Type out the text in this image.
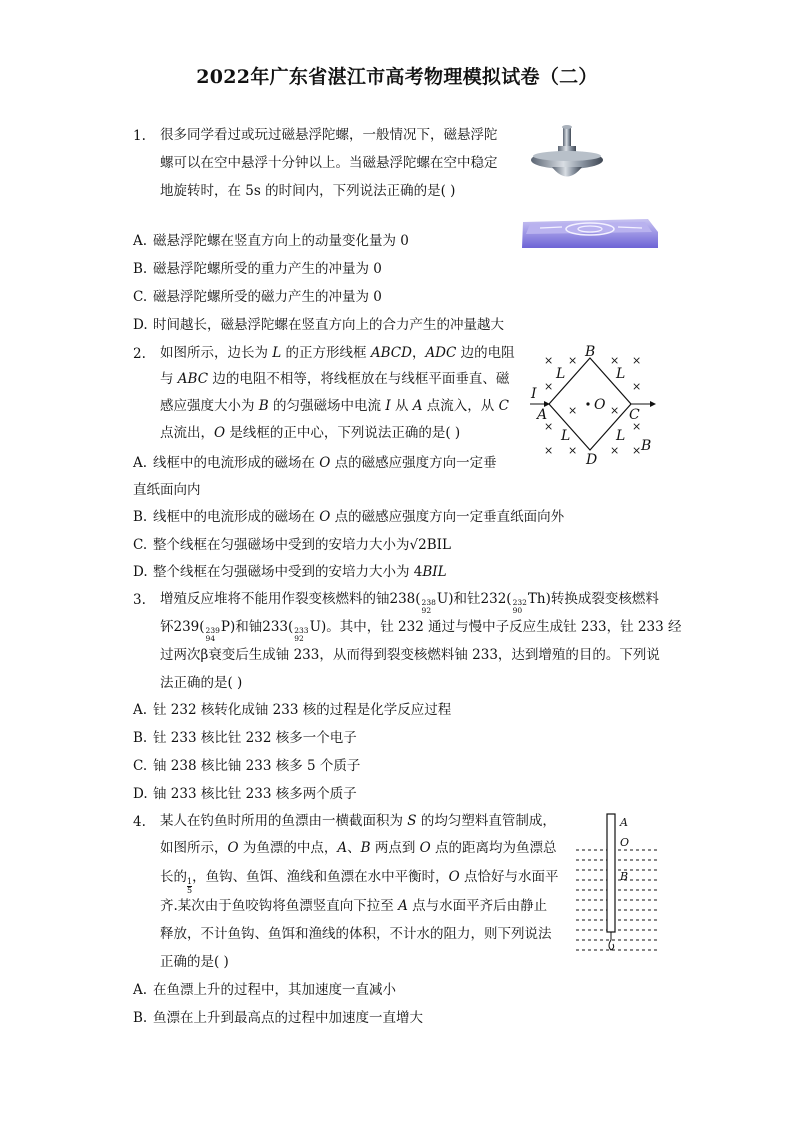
2022年广东省湛江市高考物理模拟试卷（二）
1. 很多同学看过或玩过磁悬浮陀螺，一般情况下，磁悬浮陀
螺可以在空中悬浮十分钟以上。当磁悬浮陀螺在空中稳定
地旋转时，在 5s 的时间内，下列说法正确的是( )
A. 磁悬浮陀螺在竖直方向上的动量变化量为 0
B. 磁悬浮陀螺所受的重力产生的冲量为 0
C. 磁悬浮陀螺所受的磁力产生的冲量为 0
D. 时间越长，磁悬浮陀螺在竖直方向上的合力产生的冲量越大
2. 如图所示，边长为 L 的正方形线框 ABCD，ADC 边的电阻
与 ABC 边的电阻不相等，将线框放在与线框平面垂直、磁
感应强度大小为 B 的匀强磁场中电流 I 从 A 点流入，从 C
点流出，O 是线框的正中心，下列说法正确的是( )
× ×	× ×
×	×
×	×
×	×
× ×	× ×
B
L	L
I
A
O
C
L	L
D
B
A. 线框中的电流形成的磁场在 O 点的磁感应强度方向一定垂
直纸面向内
B. 线框中的电流形成的磁场在 O 点的磁感应强度方向一定垂直纸面向外
C. 整个线框在匀强磁场中受到的安培力大小为√2BIL
D. 整个线框在匀强磁场中受到的安培力大小为 4BIL
3. 增殖反应堆将不能用作裂变核燃料的铀238( 238
92
U)和钍232( 232
90
Th)转换成裂变核燃料
钚239( 239
94
P)和铀233( 233
92
U)。其中，钍 232 通过与慢中子反应生成钍 233，钍 233 经
过两次β衰变后生成铀 233，从而得到裂变核燃料铀 233，达到增殖的目的。下列说
法正确的是( )
A. 钍 232 核转化成铀 233 核的过程是化学反应过程
B. 钍 233 核比钍 232 核多一个电子
C. 铀 238 核比铀 233 核多 5 个质子
D. 铀 233 核比钍 233 核多两个质子
4. 某人在钓鱼时所用的鱼漂由一横截面积为 S 的均匀塑料直管制成，
如图所示，O 为鱼漂的中点，A、B 两点到 O 点的距离均为鱼漂总
长的
$\frac{1}{5}$
，鱼钩、鱼饵、渔线和鱼漂在水中平衡时，O 点恰好与水面平
齐.某次由于鱼咬钩将鱼漂竖直向下拉至 A 点与水面平齐后由静止
释放，不计鱼钩、鱼饵和渔线的体积，不计水的阻力，则下列说法
正确的是( )
A
O
B
A. 在鱼漂上升的过程中，其加速度一直减小
B. 鱼漂在上升到最高点的过程中加速度一直增大
